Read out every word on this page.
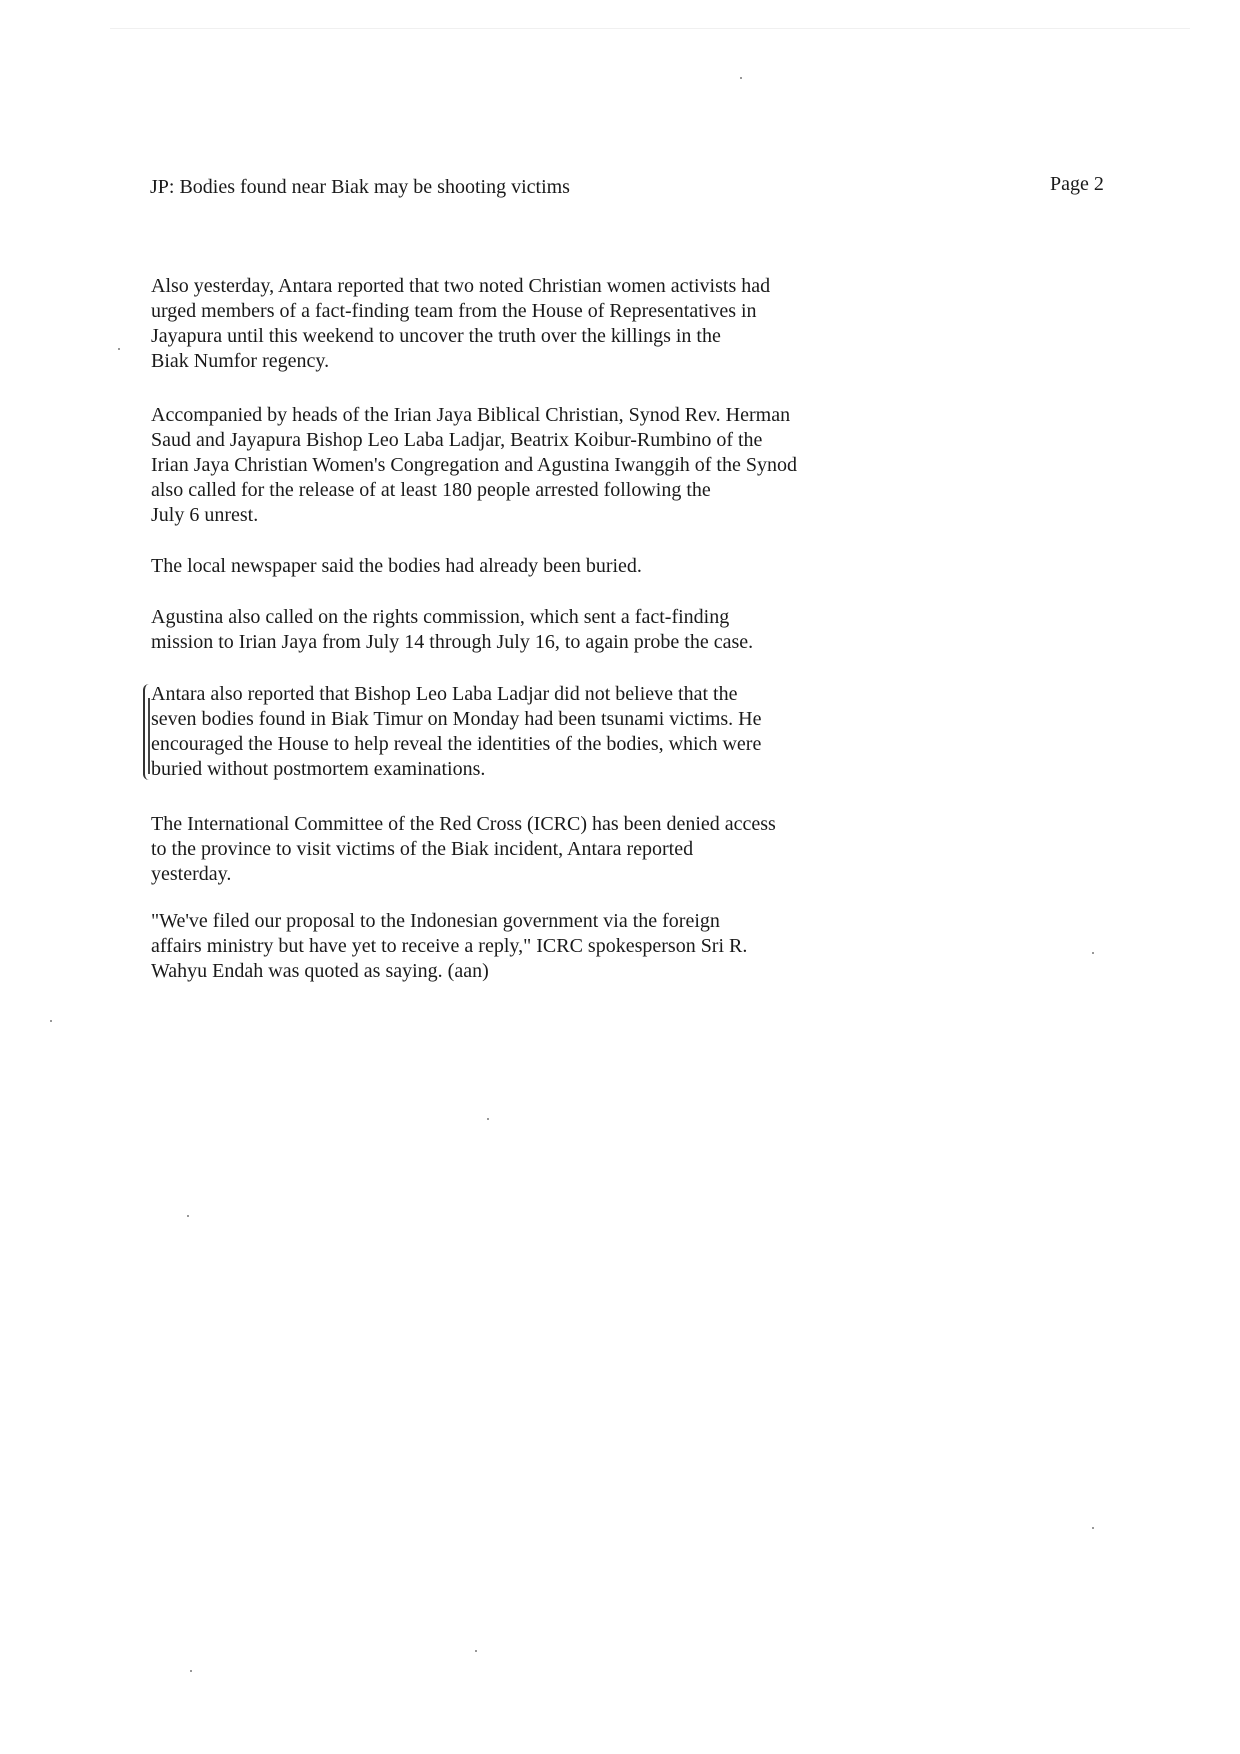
JP: Bodies found near Biak may be shooting victims	Page 2

Also yesterday, Antara reported that two noted Christian women activists had
urged members of a fact-finding team from the House of Representatives in
Jayapura until this weekend to uncover the truth over the killings in the
Biak Numfor regency.

Accompanied by heads of the Irian Jaya Biblical Christian, Synod Rev. Herman
Saud and Jayapura Bishop Leo Laba Ladjar, Beatrix Koibur-Rumbino of the
Irian Jaya Christian Women's Congregation and Agustina Iwanggih of the Synod
also called for the release of at least 180 people arrested following the
July 6 unrest.

The local newspaper said the bodies had already been buried.

Agustina also called on the rights commission, which sent a fact-finding
mission to Irian Jaya from July 14 through July 16, to again probe the case.

Antara also reported that Bishop Leo Laba Ladjar did not believe that the
seven bodies found in Biak Timur on Monday had been tsunami victims. He
encouraged the House to help reveal the identities of the bodies, which were
buried without postmortem examinations.

The International Committee of the Red Cross (ICRC) has been denied access
to the province to visit victims of the Biak incident, Antara reported
yesterday.

"We've filed our proposal to the Indonesian government via the foreign
affairs ministry but have yet to receive a reply," ICRC spokesperson Sri R.
Wahyu Endah was quoted as saying. (aan)
